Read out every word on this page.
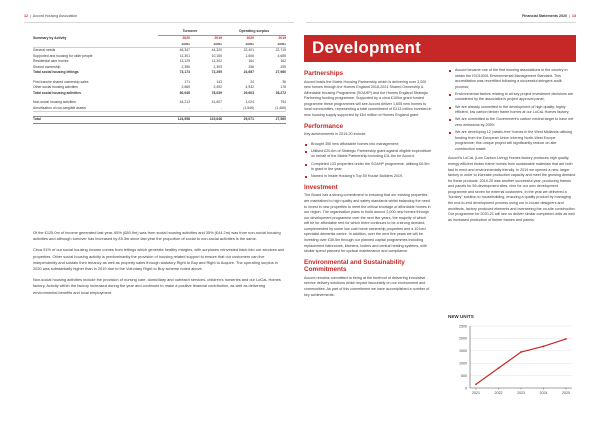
12  |  Accord Housing Association	Financial Statements 2020  |  13
	Turnover		Operating surplus	
Summary by Activity	2020	2019	2020	2019
	£000s	£000s	£000s	£000s
General needs	46,347	44,320	22,401	22,719
Supported and housing for older people	11,301	10,150	1,606	4,685
Residential care homes	13,129	11,202	164	162
Shared ownership	2,396	2,393	256	295
Total social housing lettings	73,173	72,295	24,657	27,960

First tranche shared ownership sales	171	143	24	36
Other social housing activities	2,669	2,492	4,932	176
Total social housing activities	80,945	78,039	29,603	28,272

Non-social housing activities	44,213	41,607	1,024	794
Amortisation of non-tangible assets	-	-	(1,546)	(1,465)

Total	124,958	119,646	29,071	27,560

Of the £125.0m of income generated last year, 65% (£80.9m) was from social housing activities and 35% (£44.2m) was from non-social housing activities and although turnover has increased by £5.3m since last year the proportion of social to non-social activities is the same.

Circa 91% of our social housing income comes from lettings which generate healthy margins, with surpluses reinvested back into our services and properties. Other social housing activity is predominantly the provision of housing related support to ensure that our customers can live independently and sustain their tenancy as well as property sales through statutory Right to Buy and Right to Acquire. The operating surplus in 2020 was substantially higher than in 2019 due to the Voluntary Right to Buy scheme noted above.

Non-social housing activities include the provision of nursing care, domiciliary and outreach services, children's nurseries and our LoCaL Homes factory. Activity within the factory increased during the year and continues to make a positive financial contribution, as well as delivering environmental benefits and local employment.

Development
Partnerships

Accord leads the Matrix Housing Partnership which is delivering over 3,000 new homes through the Homes England 2016-2021 Shared Ownership & Affordable Housing Programme (SOAHP) and the Homes England Strategic Partnering funding programme. Supported by a circa £100m grant funded programme these programmes will see Accord deliver 1,605 new homes to local communities, representing a total commitment of £213 million invested in new housing supply supported by £64 million of Homes England grant.

Performance

Key achievements in 2019-20 include:

Brought 350 new affordable homes into management;
Utilised £20.6m of Strategic Partnership grant against eligible expenditure on behalf of the Matrix Partnership including £11.6m for Accord;
Completed 133 properties under the SOAHP programme, utilising £6.5m in grant in the year;
Named in Inside Housing's Top 50 House Builders 2019.
Investment

The Board has a strong commitment to ensuring that our existing properties are maintained to high quality and safety standards whilst balancing the need to invest in new properties to meet the critical shortage of affordable homes in our region. The organisation plans to build around 2,000 new homes through our development programme over the next five years, the majority of which will be for affordable rent for which there continues to be a strong demand, complemented by some low cost home ownership properties and a 10 bed specialist dementia centre. In addition, over the next five years we will be investing over £36.5m through our planned capital programmes including replacement bathrooms, kitchens, boilers and central heating systems, with similar spend planned for cyclical maintenance and compliance.

Environmental and Sustainability Commitments

Accord remains committed to being at the forefront of delivering innovative service delivery solutions which impact favourably on our environment and communities. As part of this commitment we have accomplished a number of key achievements:

Accord became one of the first housing associations in the country to obtain the ISO14001 Environmental Management Standard. This accreditation was recertified following a successful stringent audit process;
Environmental factors relating to all key project investment decisions are considered by the association's project approval panel;
We are already committed to the development of high quality, highly efficient, low carbon timber frame homes at our LoCaL Homes factory;
We are committed to the Government's carbon neutral target to have net zero emissions by 2050;
We are developing 12 'plastic-free' homes in the West Midlands utilising funding from the European Union Interreg North-West Europe programme; this unique project will significantly reduce on-site construction waste.

Accord's LoCaL (Low Carbon Living) Homes factory produces high quality, energy efficient timber frame homes from sustainable materials that are both fast to erect and environmentally friendly. In 2019 we opened a new, larger factory in order to increase production capacity and meet the growing demand for these products: 2019-20 was another successful year, producing frames and panels for 56 development sites, nine for our own development programme and seven for external customers. In the year we delivered a "turnkey" solution to housebuilding, ensuring a quality product by managing the end-to-end development process using our in-house designers and architects, factory produced elements and overseeing the on-site construction. Our programme for 2020-21 will see us deliver similar completed units as well as increased production of timber frames and panels.

NEW UNITS
0
500
1000
1500
2000
2500
2021	2022	2023	2024	2025
